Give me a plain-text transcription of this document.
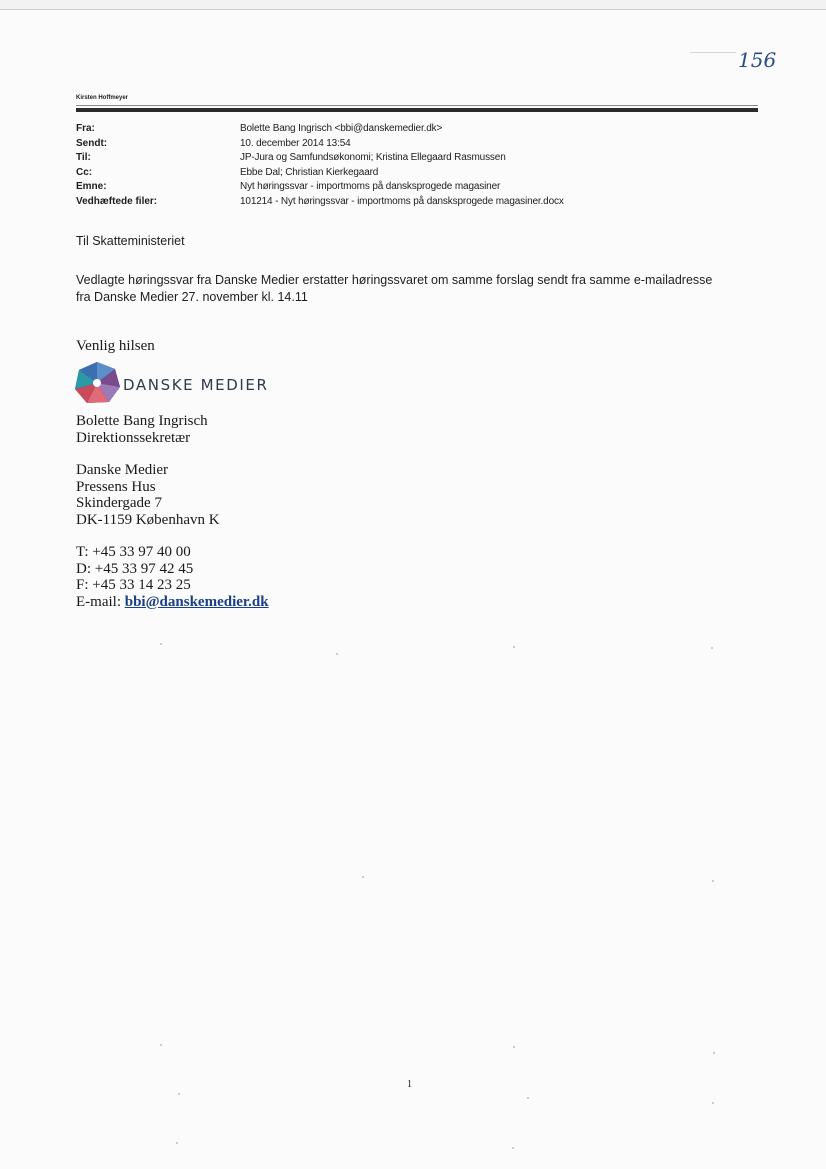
156
Kirsten Hoffmeyer
Fra:	Bolette Bang Ingrisch <bbi@danskemedier.dk>
Sendt:	10. december 2014 13:54
Til:	JP-Jura og Samfundsøkonomi; Kristina Ellegaard Rasmussen
Cc:	Ebbe Dal; Christian Kierkegaard
Emne:	Nyt høringssvar - importmoms på dansksprogede magasiner
Vedhæftede filer:	101214 - Nyt høringssvar - importmoms på dansksprogede magasiner.docx
Til Skatteministeriet
Vedlagte høringssvar fra Danske Medier erstatter høringssvaret om samme forslag sendt fra samme e-mailadresse
fra Danske Medier 27. november kl. 14.11
Venlig hilsen
DANSKE MEDIER
Bolette Bang Ingrisch
Direktionssekretær
Danske Medier
Pressens Hus
Skindergade 7
DK-1159 København K
T: +45 33 97 40 00
D: +45 33 97 42 45
F: +45 33 14 23 25
E-mail: bbi@danskemedier.dk
1
